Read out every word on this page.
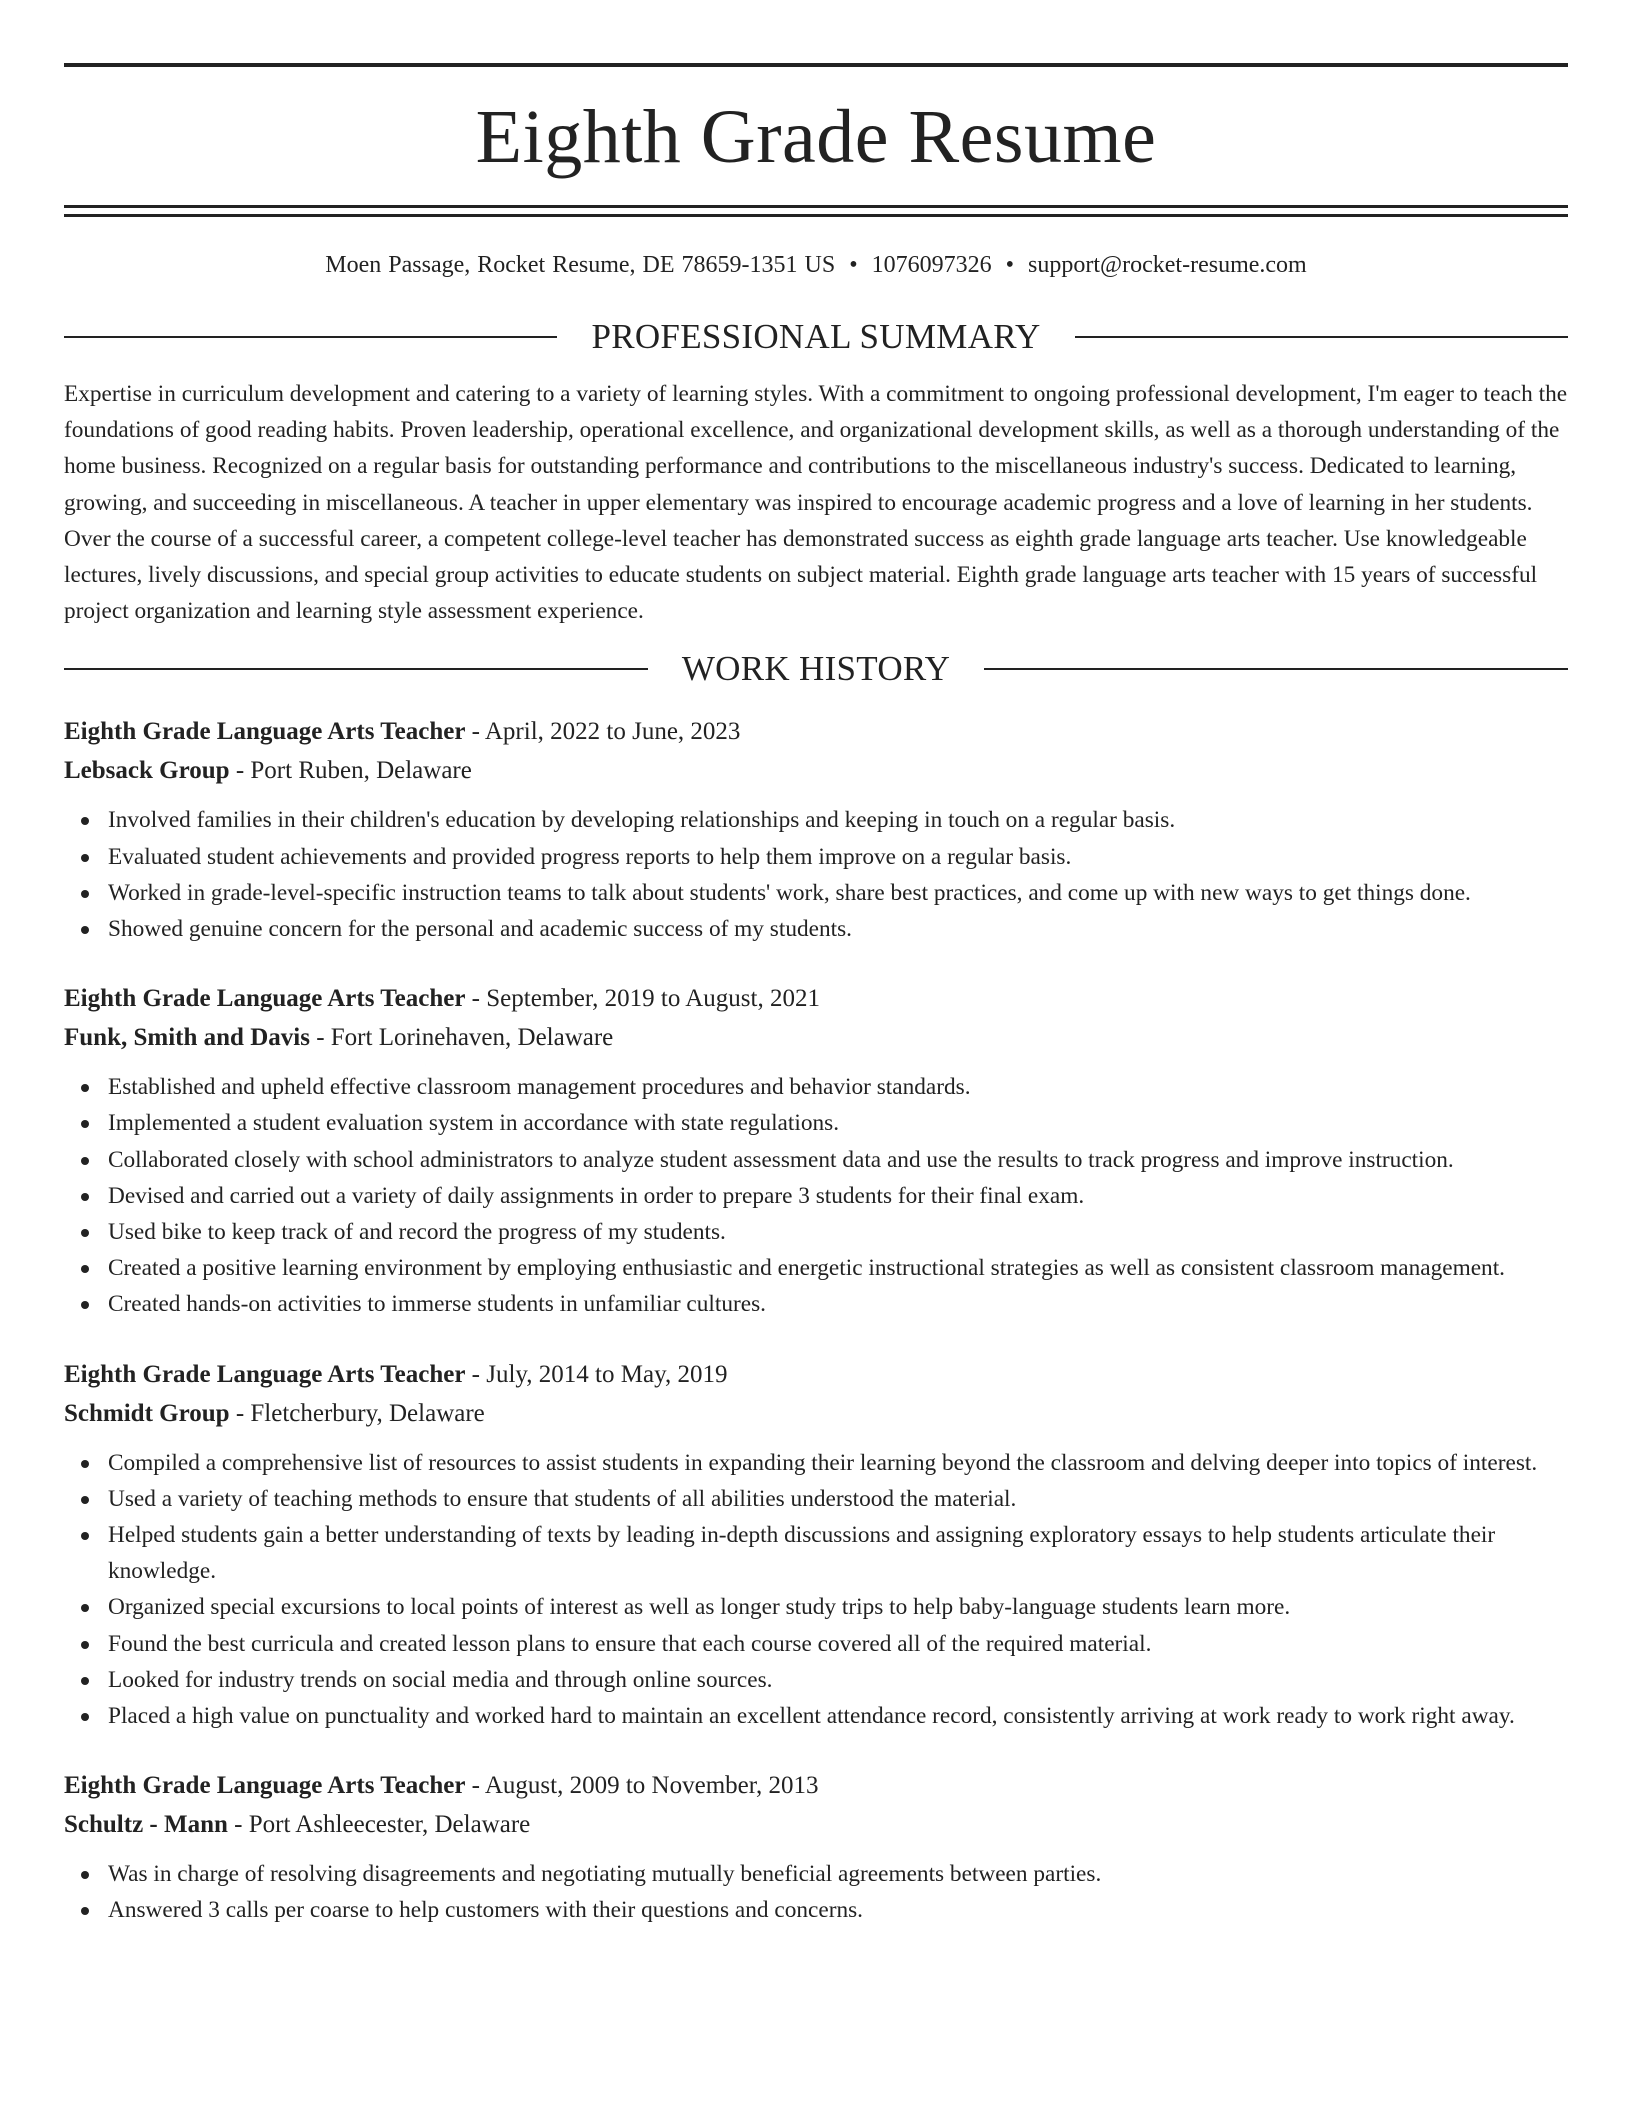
Eighth Grade Resume
Moen Passage, Rocket Resume, DE 78659-1351 US • 1076097326 • support@rocket-resume.com
PROFESSIONAL SUMMARY

Expertise in curriculum development and catering to a variety of learning styles. With a commitment to ongoing professional development, I'm eager to teach the foundations of good reading habits. Proven leadership, operational excellence, and organizational development skills, as well as a thorough understanding of the home business. Recognized on a regular basis for outstanding performance and contributions to the miscellaneous industry's success. Dedicated to learning, growing, and succeeding in miscellaneous. A teacher in upper elementary was inspired to encourage academic progress and a love of learning in her students. Over the course of a successful career, a competent college-level teacher has demonstrated success as eighth grade language arts teacher. Use knowledgeable lectures, lively discussions, and special group activities to educate students on subject material. Eighth grade language arts teacher with 15 years of successful project organization and learning style assessment experience.

WORK HISTORY
Eighth Grade Language Arts Teacher - April, 2022 to June, 2023
Lebsack Group - Port Ruben, Delaware
Involved families in their children's education by developing relationships and keeping in touch on a regular basis.
Evaluated student achievements and provided progress reports to help them improve on a regular basis.
Worked in grade-level-specific instruction teams to talk about students' work, share best practices, and come up with new ways to get things done.
Showed genuine concern for the personal and academic success of my students.
Eighth Grade Language Arts Teacher - September, 2019 to August, 2021
Funk, Smith and Davis - Fort Lorinehaven, Delaware
Established and upheld effective classroom management procedures and behavior standards.
Implemented a student evaluation system in accordance with state regulations.
Collaborated closely with school administrators to analyze student assessment data and use the results to track progress and improve instruction.
Devised and carried out a variety of daily assignments in order to prepare 3 students for their final exam.
Used bike to keep track of and record the progress of my students.
Created a positive learning environment by employing enthusiastic and energetic instructional strategies as well as consistent classroom management.
Created hands-on activities to immerse students in unfamiliar cultures.
Eighth Grade Language Arts Teacher - July, 2014 to May, 2019
Schmidt Group - Fletcherbury, Delaware
Compiled a comprehensive list of resources to assist students in expanding their learning beyond the classroom and delving deeper into topics of interest.
Used a variety of teaching methods to ensure that students of all abilities understood the material.
Helped students gain a better understanding of texts by leading in-depth discussions and assigning exploratory essays to help students articulate their knowledge.
Organized special excursions to local points of interest as well as longer study trips to help baby-language students learn more.
Found the best curricula and created lesson plans to ensure that each course covered all of the required material.
Looked for industry trends on social media and through online sources.
Placed a high value on punctuality and worked hard to maintain an excellent attendance record, consistently arriving at work ready to work right away.
Eighth Grade Language Arts Teacher - August, 2009 to November, 2013
Schultz - Mann - Port Ashleecester, Delaware
Was in charge of resolving disagreements and negotiating mutually beneficial agreements between parties.
Answered 3 calls per coarse to help customers with their questions and concerns.
